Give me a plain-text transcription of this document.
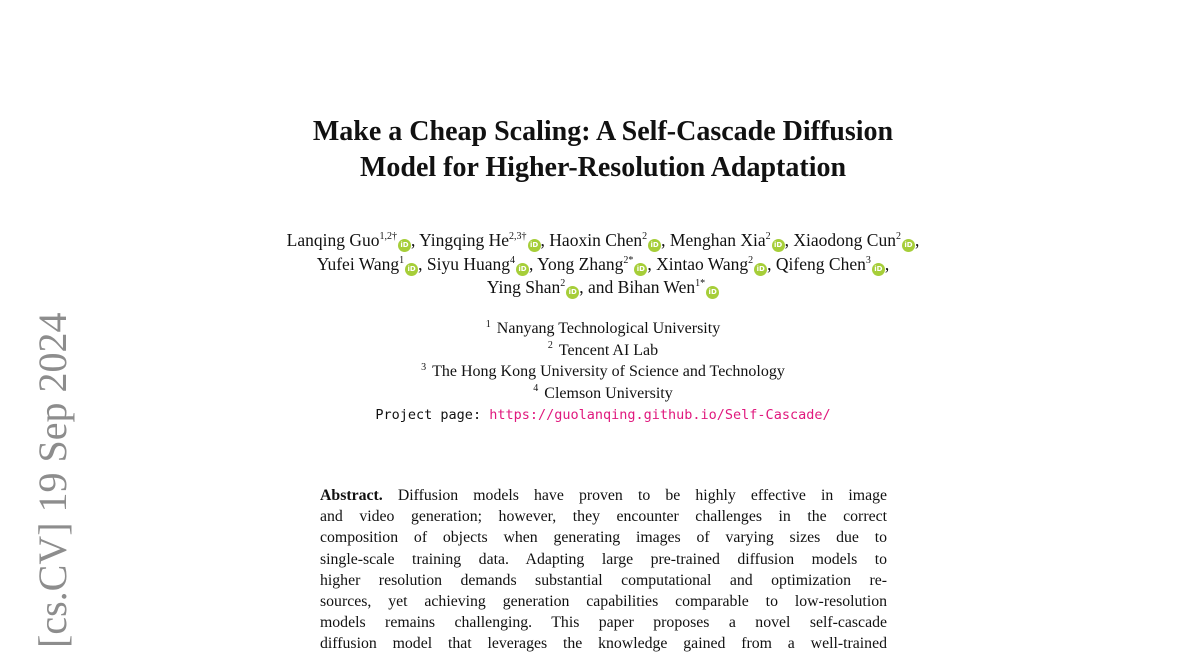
[cs.CV] 19 Sep 2024
Make a Cheap Scaling: A Self-Cascade Diffusion
Model for Higher-Resolution Adaptation
Lanqing Guo$^{1,2\dagger}$iD , Yingqing $He^{2,3\dagger}iD$ , Haoxin Chen$^2$iD , Menghan Xia$^2$iD , Xiaodong Cun$^2$iD , Yufei Wang$^1$iD , Siyu Huang$^4$iD , Yong Zhang$^{2*}$iD , Xintao Wang$^2$iD , Qifeng Chen$^3$iD , Ying Shan$^2$iD , and Bihan Wen$^{1*}$iD
$^1$ Nanyang Technological University
$^2$ Tencent AI Lab
$^3$ The Hong Kong University of Science and Technology
$^4$ Clemson University
Project page: https://guolanqing.github.io/Self-Cascade/
Abstract. Diffusion models have proven to be highly effective in image
and video generation; however, they encounter challenges in the correct
composition of objects when generating images of varying sizes due to
single-scale training data. Adapting large pre-trained diffusion models to
higher resolution demands substantial computational and optimization re-
sources, yet achieving generation capabilities comparable to low-resolution
models remains challenging. This paper proposes a novel self-cascade
diffusion model that leverages the knowledge gained from a well-trained
